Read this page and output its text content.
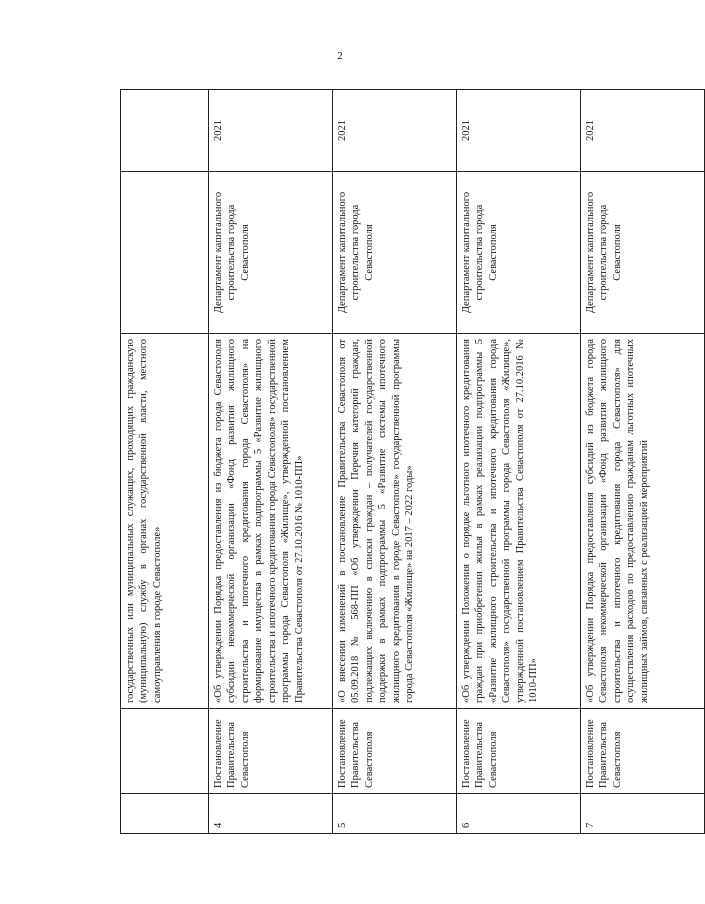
2
		государственных или муниципальных служащих, проходящих гражданскую (муниципальную) службу в органах государственной власти, местного самоуправления в городе Севастополе»		
4	Постановление Правительства Севастополя	«Об утверждении Порядка предоставления из бюджета города Севастополя субсидии некоммерческой организации «Фонд развития жилищного строительства и ипотечного кредитования города Севастополя» на формирование имущества в рамках подпрограммы 5 «Развитие жилищного строительства и ипотечного кредитования города Севастополя» государственной программы города Севастополя «Жилище», утвержденной постановлением Правительства Севастополя от 27.10.2016 № 1010-ПП»	Департамент капитального строительства города Севастополя	2021
5	Постановление Правительства Севастополя	«О внесении изменений в постановление Правительства Севастополя от 05.09.2018 № 568-ПП «Об утверждении Перечня категорий граждан, подлежащих включению в списки граждан – получателей государственной поддержки в рамках подпрограммы 5 «Развитие системы ипотечного жилищного кредитования в городе Севастополе» государственной программы города Севастополя «Жилище» на 2017 – 2022 годы»	Департамент капитального строительства города Севастополя	2021
6	Постановление Правительства Севастополя	«Об утверждении Положения о порядке льготного ипотечного кредитования граждан при приобретении жилья в рамках реализации подпрограммы 5 «Развитие жилищного строительства и ипотечного кредитования города Севастополя» государственной программы города Севастополя «Жилище», утвержденной постановлением Правительства Севастополя от 27.10.2016 № 1010-ПП»	Департамент капитального строительства города Севастополя	2021
7	Постановление Правительства Севастополя	«Об утверждении Порядка предоставления субсидий из бюджета города Севастополя некоммерческой организации «Фонд развития жилищного строительства и ипотечного кредитования города Севастополя» для осуществления расходов по предоставлению гражданам льготных ипотечных жилищных займов, связанных с реализацией мероприятий	Департамент капитального строительства города Севастополя	2021
